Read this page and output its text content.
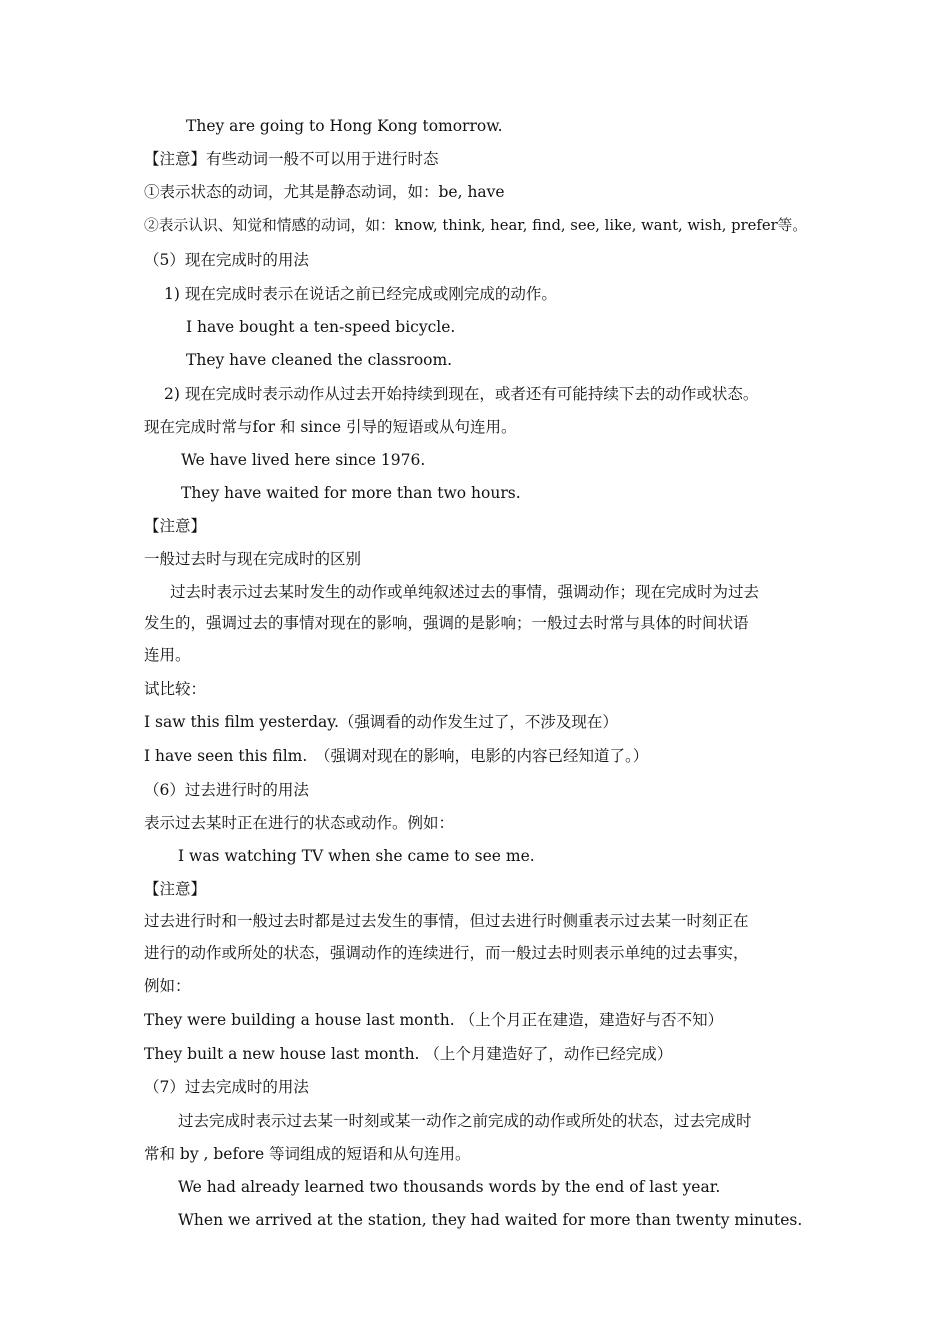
They are going to Hong Kong tomorrow.
【注意】有些动词一般不可以用于进行时态
①表示状态的动词，尤其是静态动词，如：be, have
②表示认识、知觉和情感的动词，如：know, think, hear, find, see, like, want, wish, prefer等。
（5）现在完成时的用法
1) 现在完成时表示在说话之前已经完成或刚完成的动作。
I have bought a ten-speed bicycle.
They have cleaned the classroom.
2) 现在完成时表示动作从过去开始持续到现在，或者还有可能持续下去的动作或状态。
现在完成时常与for 和 since 引导的短语或从句连用。
We have lived here since 1976.
They have waited for more than two hours.
【注意】
一般过去时与现在完成时的区别
过去时表示过去某时发生的动作或单纯叙述过去的事情，强调动作；现在完成时为过去
发生的，强调过去的事情对现在的影响，强调的是影响；一般过去时常与具体的时间状语
连用。
试比较：
I saw this film yesterday.（强调看的动作发生过了，不涉及现在）
I have seen this film.　（强调对现在的影响，电影的内容已经知道了。）
（6）过去进行时的用法
表示过去某时正在进行的状态或动作。例如：
I was watching TV when she came to see me.
【注意】
过去进行时和一般过去时都是过去发生的事情，但过去进行时侧重表示过去某一时刻正在
进行的动作或所处的状态，强调动作的连续进行，而一般过去时则表示单纯的过去事实，
例如：
They were building a house last month. （上个月正在建造，建造好与否不知）
They built a new house last month. （上个月建造好了，动作已经完成）
（7）过去完成时的用法
过去完成时表示过去某一时刻或某一动作之前完成的动作或所处的状态，过去完成时
常和 by , before 等词组成的短语和从句连用。
We had already learned two thousands words by the end of last year.
When we arrived at the station, they had waited for more than twenty minutes.
